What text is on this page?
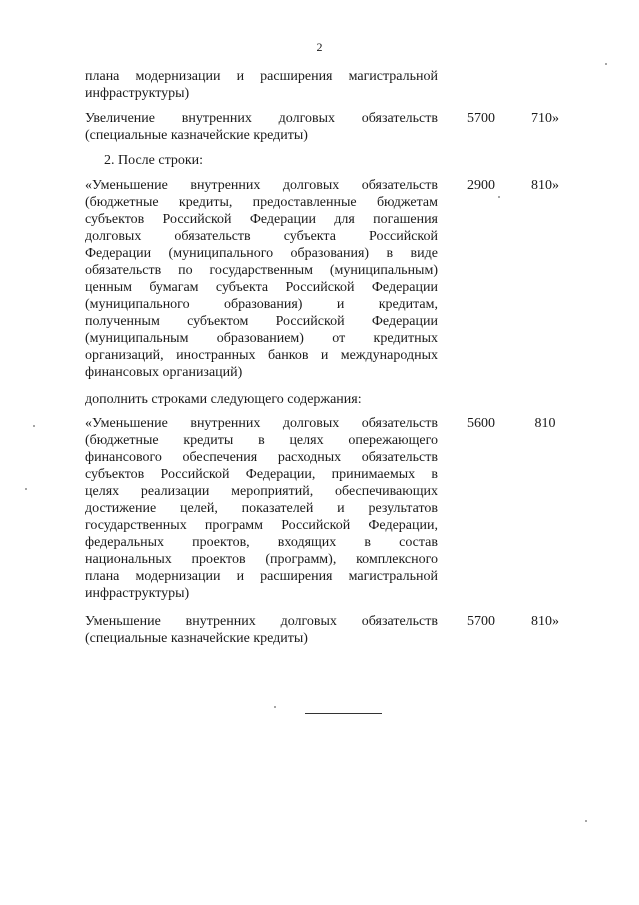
2
плана модернизации и расширения магистральной
инфраструктуры)
Увеличение внутренних долговых обязательств
(специальные казначейские кредиты)
5700	710»
2. После строки:
«Уменьшение внутренних долговых обязательств
(бюджетные кредиты, предоставленные бюджетам
субъектов Российской Федерации для погашения
долговых обязательств субъекта Российской
Федерации (муниципального образования) в виде
обязательств по государственным (муниципальным)
ценным бумагам субъекта Российской Федерации
(муниципального образования) и кредитам,
полученным субъектом Российской Федерации
(муниципальным образованием) от кредитных
организаций, иностранных банков и международных
финансовых организаций)
2900	810»
дополнить строками следующего содержания:
«Уменьшение внутренних долговых обязательств
(бюджетные кредиты в целях опережающего
финансового обеспечения расходных обязательств
субъектов Российской Федерации, принимаемых в
целях реализации мероприятий, обеспечивающих
достижение целей, показателей и результатов
государственных программ Российской Федерации,
федеральных проектов, входящих в состав
национальных проектов (программ), комплексного
плана модернизации и расширения магистральной
инфраструктуры)
5600	810
Уменьшение внутренних долговых обязательств
(специальные казначейские кредиты)
5700	810»
